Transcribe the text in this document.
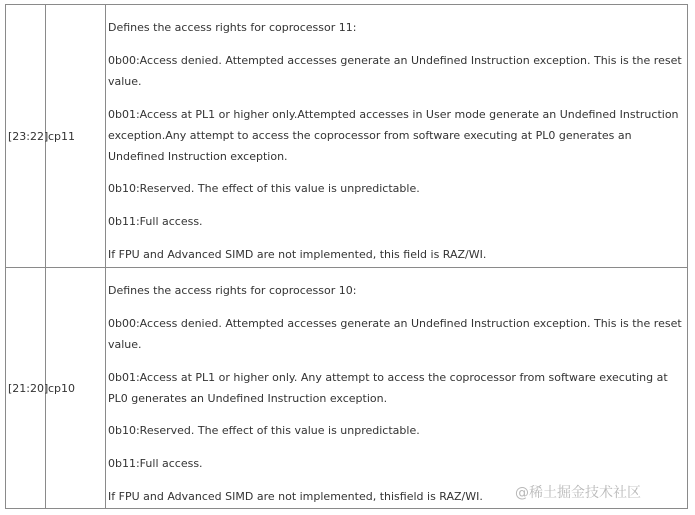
[23:22] cp11
Defines the access rights for coprocessor 11:
0b00:Access denied. Attempted accesses generate an Undefined Instruction exception. This is the reset value.
0b01:Access at PL1 or higher only.Attempted accesses in User mode generate an Undefined Instruction exception.Any attempt to access the coprocessor from software executing at PL0 generates an Undefined Instruction exception.
0b10:Reserved. The effect of this value is unpredictable.
0b11:Full access.
If FPU and Advanced SIMD are not implemented, this field is RAZ/WI.
[21:20] cp10
Defines the access rights for coprocessor 10:
0b00:Access denied. Attempted accesses generate an Undefined Instruction exception. This is the reset value.
0b01:Access at PL1 or higher only. Any attempt to access the coprocessor from software executing at PL0 generates an Undefined Instruction exception.
0b10:Reserved. The effect of this value is unpredictable.
0b11:Full access.
If FPU and Advanced SIMD are not implemented, thisfield is RAZ/WI.	@稀土掘金技术社区
